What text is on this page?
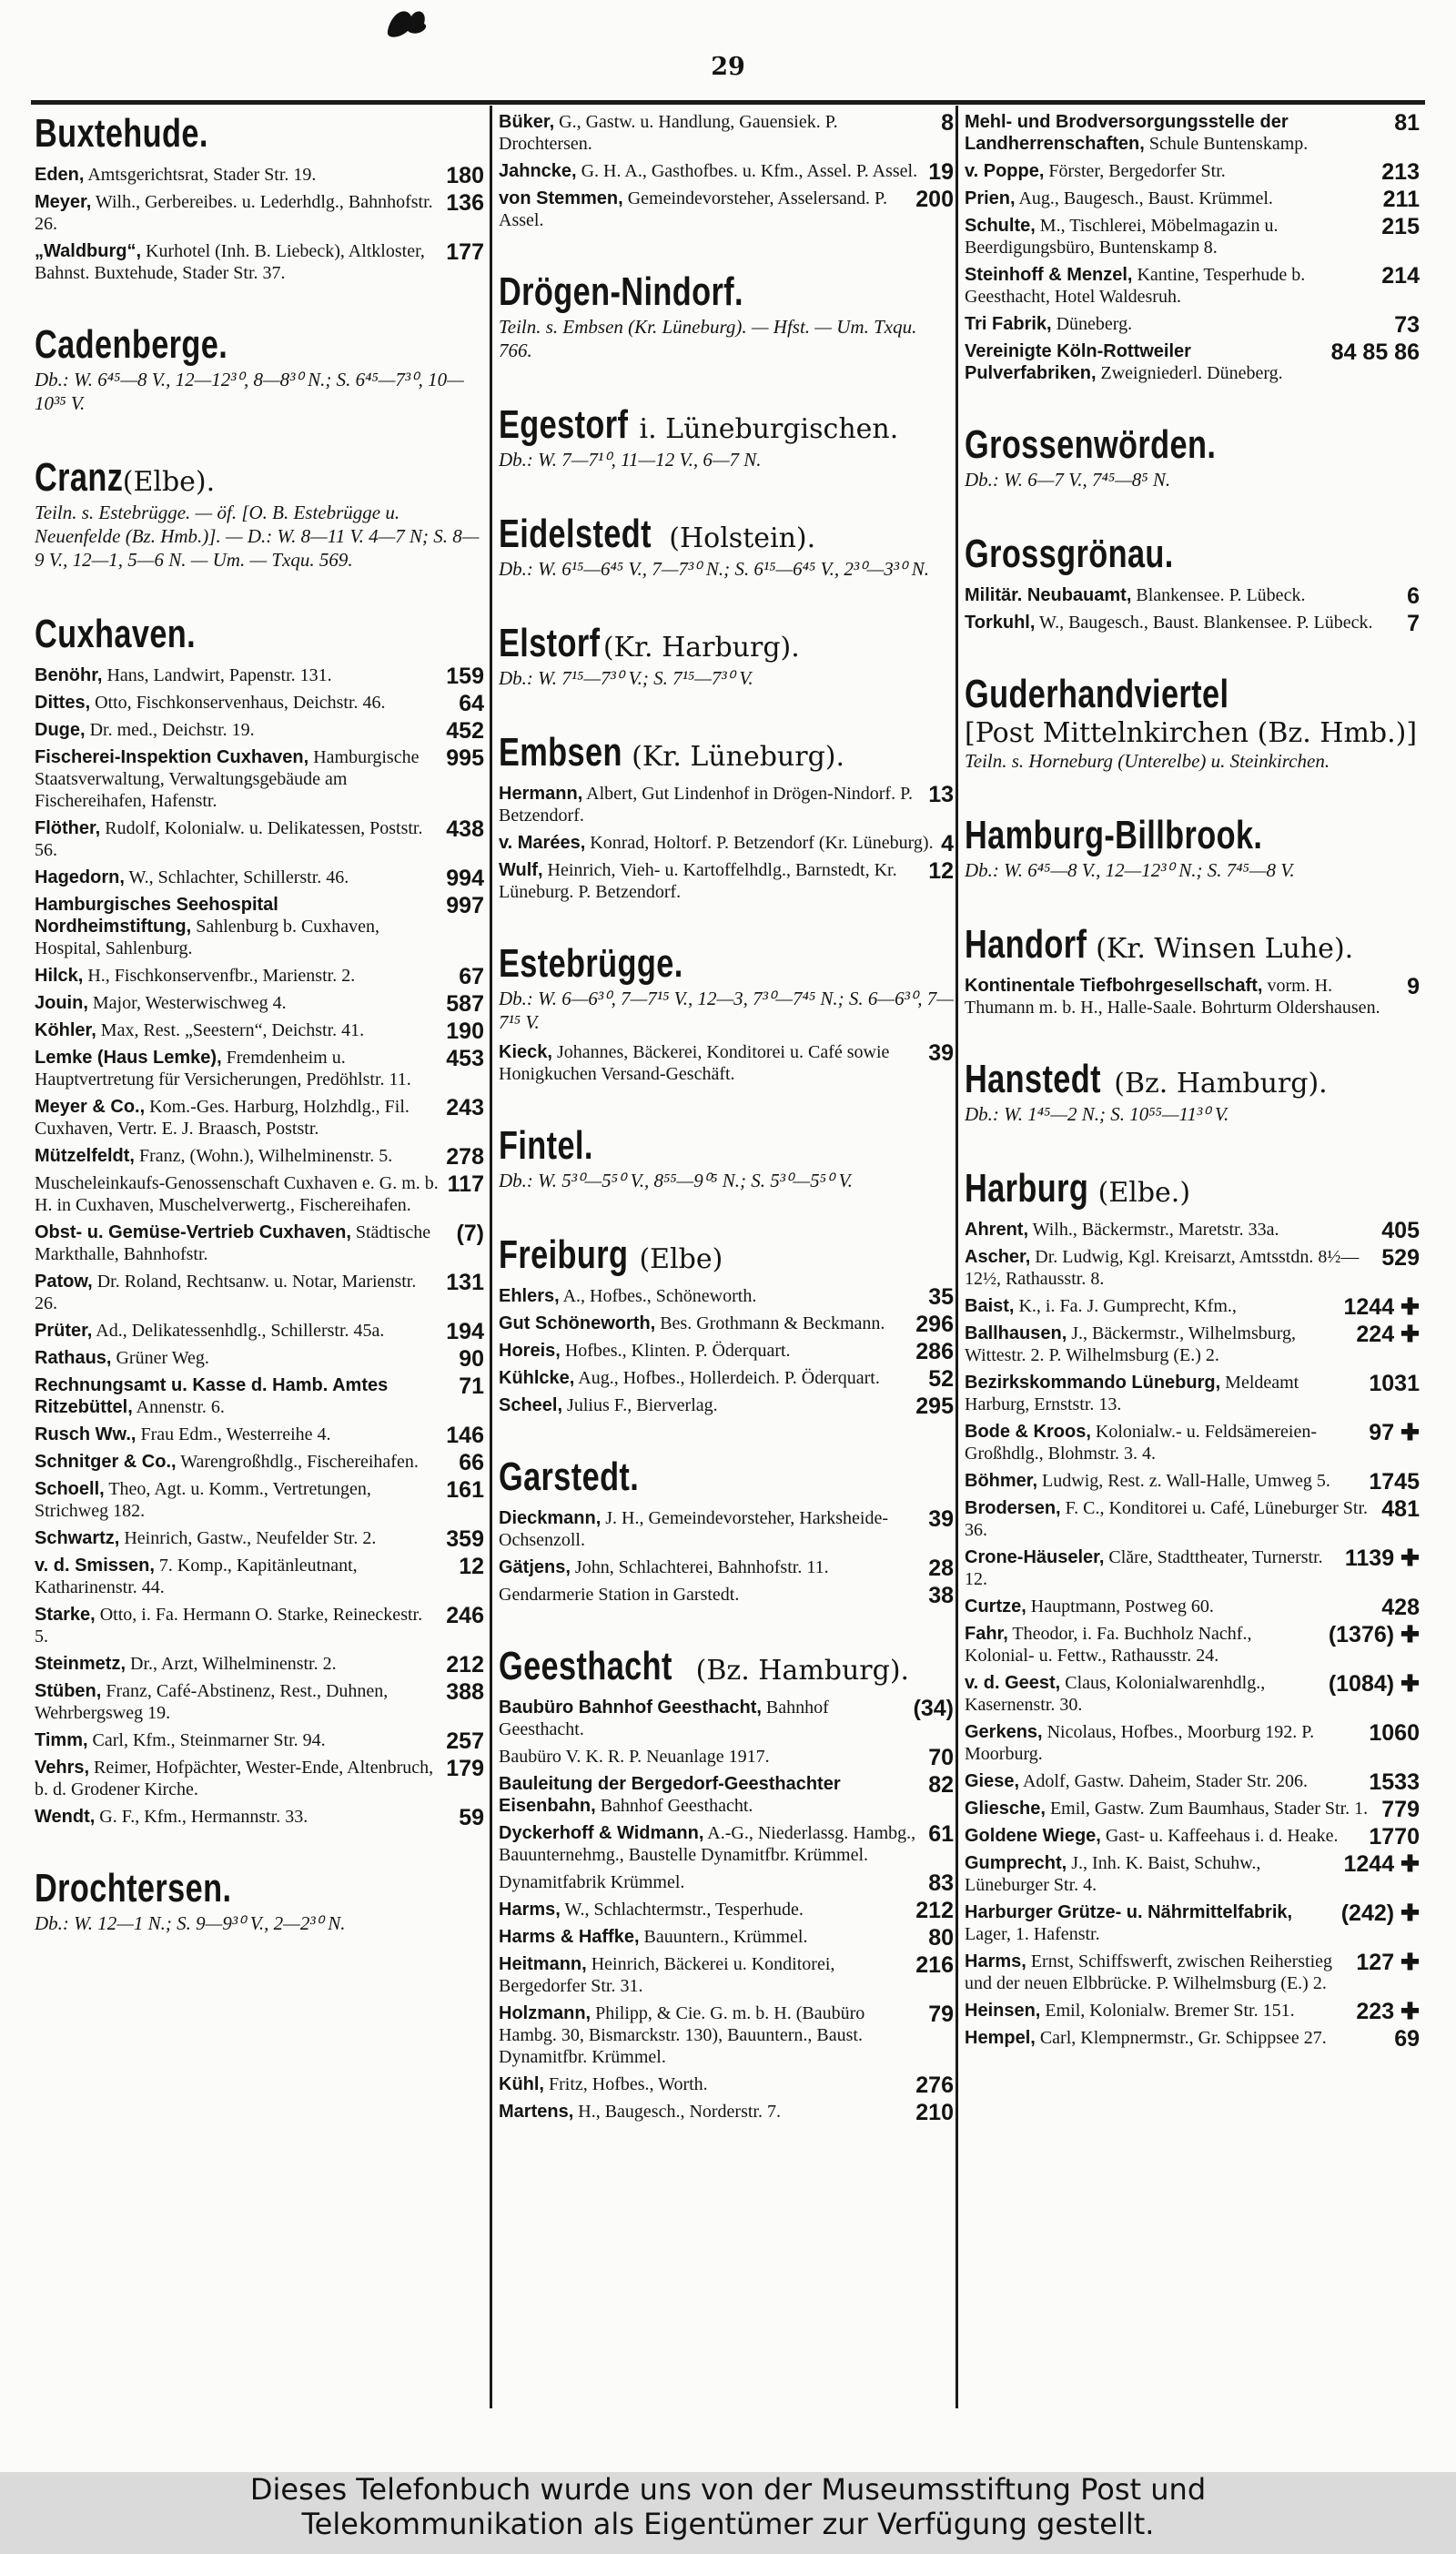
29
Buxtehude.
180
Eden, Amtsgerichtsrat, Stader Str. 19.
136
Meyer, Wilh., Gerbereibes. u. Lederhdlg., Bahnhofstr. 26.
177
„Waldburg“, Kurhotel (Inh. B. Liebeck), Altkloster, Bahnst. Buxtehude, Stader Str. 37.
Cadenberge.
Db.: W. 6⁴⁵—8 V., 12—12³⁰, 8—8³⁰ N.; S. 6⁴⁵—7³⁰, 10—10³⁵ V.
Cranz (Elbe).
Teiln. s. Estebrügge. — öf. [O. B. Estebrügge u. Neuenfelde (Bz. Hmb.)]. — D.: W. 8—11 V. 4—7 N; S. 8—9 V., 12—1, 5—6 N. — Um. — Txqu. 569.
Cuxhaven.
159
Benöhr, Hans, Landwirt, Papenstr. 131.
64
Dittes, Otto, Fischkonservenhaus, Deichstr. 46.
452
Duge, Dr. med., Deichstr. 19.
995
Fischerei-Inspektion Cuxhaven, Hamburgische Staatsverwaltung, Verwaltungsgebäude am Fischereihafen, Hafenstr.
438
Flöther, Rudolf, Kolonialw. u. Delikatessen, Poststr. 56.
994
Hagedorn, W., Schlachter, Schillerstr. 46.
997
Hamburgisches Seehospital Nordheimstiftung, Sahlenburg b. Cuxhaven, Hospital, Sahlenburg.
67
Hilck, H., Fischkonservenfbr., Marienstr. 2.
587
Jouin, Major, Westerwischweg 4.
190
Köhler, Max, Rest. „Seestern“, Deichstr. 41.
453
Lemke (Haus Lemke), Fremdenheim u. Hauptvertretung für Versicherungen, Predöhlstr. 11.
243
Meyer & Co., Kom.-Ges. Harburg, Holzhdlg., Fil. Cuxhaven, Vertr. E. J. Braasch, Poststr.
278
Mützelfeldt, Franz, (Wohn.), Wilhelminenstr. 5.
117
Muscheleinkaufs-Genossenschaft Cuxhaven e. G. m. b. H. in Cuxhaven, Muschelverwertg., Fischereihafen.
(7)
Obst- u. Gemüse-Vertrieb Cuxhaven, Städtische Markthalle, Bahnhofstr.
131
Patow, Dr. Roland, Rechtsanw. u. Notar, Marienstr. 26.
194
Prüter, Ad., Delikatessenhdlg., Schillerstr. 45a.
90
Rathaus, Grüner Weg.
71
Rechnungsamt u. Kasse d. Hamb. Amtes Ritzebüttel, Annenstr. 6.
146
Rusch Ww., Frau Edm., Westerreihe 4.
66
Schnitger & Co., Warengroßhdlg., Fischereihafen.
161
Schoell, Theo, Agt. u. Komm., Vertretungen, Strichweg 182.
359
Schwartz, Heinrich, Gastw., Neufelder Str. 2.
12
v. d. Smissen, 7. Komp., Kapitänleutnant, Katharinenstr. 44.
246
Starke, Otto, i. Fa. Hermann O. Starke, Reineckestr. 5.
212
Steinmetz, Dr., Arzt, Wilhelminenstr. 2.
388
Stüben, Franz, Café-Abstinenz, Rest., Duhnen, Wehrbergsweg 19.
257
Timm, Carl, Kfm., Steinmarner Str. 94.
179
Vehrs, Reimer, Hofpächter, Wester-Ende, Altenbruch, b. d. Grodener Kirche.
59
Wendt, G. F., Kfm., Hermannstr. 33.
Drochtersen.
Db.: W. 12—1 N.; S. 9—9³⁰ V., 2—2³⁰ N.
8
Büker, G., Gastw. u. Handlung, Gauensiek. P. Drochtersen.
19
Jahncke, G. H. A., Gasthofbes. u. Kfm., Assel. P. Assel.
200
von Stemmen, Gemeindevorsteher, Asselersand. P. Assel.
Drögen-Nindorf.
Teiln. s. Embsen (Kr. Lüneburg). — Hfst. — Um. Txqu. 766.
Egestorf i. Lüneburgischen.
Db.: W. 7—7¹⁰, 11—12 V., 6—7 N.
Eidelstedt (Holstein).
Db.: W. 6¹⁵—6⁴⁵ V., 7—7³⁰ N.; S. 6¹⁵—6⁴⁵ V., 2³⁰—3³⁰ N.
Elstorf (Kr. Harburg).
Db.: W. 7¹⁵—7³⁰ V.; S. 7¹⁵—7³⁰ V.
Embsen (Kr. Lüneburg).
13
Hermann, Albert, Gut Lindenhof in Drögen-Nindorf. P. Betzendorf.
4
v. Marées, Konrad, Holtorf. P. Betzendorf (Kr. Lüneburg).
12
Wulf, Heinrich, Vieh- u. Kartoffelhdlg., Barnstedt, Kr. Lüneburg. P. Betzendorf.
Estebrügge.
Db.: W. 6—6³⁰, 7—7¹⁵ V., 12—3, 7³⁰—7⁴⁵ N.; S. 6—6³⁰, 7—7¹⁵ V.
39
Kieck, Johannes, Bäckerei, Konditorei u. Café sowie Honigkuchen Versand-Geschäft.
Fintel.
Db.: W. 5³⁰—5⁵⁰ V., 8⁵⁵—9⁰⁵ N.; S. 5³⁰—5⁵⁰ V.
Freiburg (Elbe)
35
Ehlers, A., Hofbes., Schöneworth.
296
Gut Schöneworth, Bes. Grothmann & Beckmann.
286
Horeis, Hofbes., Klinten. P. Öderquart.
52
Kühlcke, Aug., Hofbes., Hollerdeich. P. Öderquart.
295
Scheel, Julius F., Bierverlag.
Garstedt.
39
Dieckmann, J. H., Gemeindevorsteher, Harksheide-Ochsenzoll.
28
Gätjens, John, Schlachterei, Bahnhofstr. 11.
38
Gendarmerie Station in Garstedt.
Geesthacht (Bz. Hamburg).
(34)
Baubüro Bahnhof Geesthacht, Bahnhof Geesthacht.
70
Baubüro V. K. R. P. Neuanlage 1917.
82
Bauleitung der Bergedorf-Geesthachter Eisenbahn, Bahnhof Geesthacht.
61
Dyckerhoff & Widmann, A.-G., Niederlassg. Hambg., Bauunternehmg., Baustelle Dynamitfbr. Krümmel.
83
Dynamitfabrik Krümmel.
212
Harms, W., Schlachtermstr., Tesperhude.
80
Harms & Haffke, Bauuntern., Krümmel.
216
Heitmann, Heinrich, Bäckerei u. Konditorei, Bergedorfer Str. 31.
79
Holzmann, Philipp, & Cie. G. m. b. H. (Baubüro Hambg. 30, Bismarckstr. 130), Bauuntern., Baust. Dynamitfbr. Krümmel.
276
Kühl, Fritz, Hofbes., Worth.
210
Martens, H., Baugesch., Norderstr. 7.
81
Mehl- und Brodversorgungsstelle der Landherrenschaften, Schule Buntenskamp.
213
v. Poppe, Förster, Bergedorfer Str.
211
Prien, Aug., Baugesch., Baust. Krümmel.
215
Schulte, M., Tischlerei, Möbelmagazin u. Beerdigungsbüro, Buntenskamp 8.
214
Steinhoff & Menzel, Kantine, Tesperhude b. Geesthacht, Hotel Waldesruh.
73
Tri Fabrik, Düneberg.
84 85 86
Vereinigte Köln-Rottweiler Pulverfabriken, Zweigniederl. Düneberg.
Grossenwörden.
Db.: W. 6—7 V., 7⁴⁵—8⁵ N.
Grossgrönau.
6
Militär. Neubauamt, Blankensee. P. Lübeck.
7
Torkuhl, W., Baugesch., Baust. Blankensee. P. Lübeck.
Guderhandviertel
[Post Mittelnkirchen (Bz. Hmb.)]
Teiln. s. Horneburg (Unterelbe) u. Steinkirchen.
Hamburg-Billbrook.
Db.: W. 6⁴⁵—8 V., 12—12³⁰ N.; S. 7⁴⁵—8 V.
Handorf (Kr. Winsen Luhe).
9
Kontinentale Tiefbohrgesellschaft, vorm. H. Thumann m. b. H., Halle-Saale. Bohrturm Oldershausen.
Hanstedt (Bz. Hamburg).
Db.: W. 1⁴⁵—2 N.; S. 10⁵⁵—11³⁰ V.
Harburg (Elbe.)
405
Ahrent, Wilh., Bäckermstr., Maretstr. 33a.
529
Ascher, Dr. Ludwig, Kgl. Kreisarzt, Amtsstdn. 8½—12½, Rathausstr. 8.
1244 ✚
Baist, K., i. Fa. J. Gumprecht, Kfm.,
224 ✚
Ballhausen, J., Bäckermstr., Wilhelmsburg, Wittestr. 2. P. Wilhelmsburg (E.) 2.
1031
Bezirkskommando Lüneburg, Meldeamt Harburg, Ernststr. 13.
97 ✚
Bode & Kroos, Kolonialw.- u. Feldsämereien-Großhdlg., Blohmstr. 3. 4.
1745
Böhmer, Ludwig, Rest. z. Wall-Halle, Umweg 5.
481
Brodersen, F. C., Konditorei u. Café, Lüneburger Str. 36.
1139 ✚
Crone-Häuseler, Clăre, Stadttheater, Turnerstr. 12.
428
Curtze, Hauptmann, Postweg 60.
(1376) ✚
Fahr, Theodor, i. Fa. Buchholz Nachf., Kolonial- u. Fettw., Rathausstr. 24.
(1084) ✚
v. d. Geest, Claus, Kolonialwarenhdlg., Kasernenstr. 30.
1060
Gerkens, Nicolaus, Hofbes., Moorburg 192. P. Moorburg.
1533
Giese, Adolf, Gastw. Daheim, Stader Str. 206.
779
Gliesche, Emil, Gastw. Zum Baumhaus, Stader Str. 1.
1770
Goldene Wiege, Gast- u. Kaffeehaus i. d. Heake.
1244 ✚
Gumprecht, J., Inh. K. Baist, Schuhw., Lüneburger Str. 4.
(242) ✚
Harburger Grütze- u. Nährmittelfabrik, Lager, 1. Hafenstr.
127 ✚
Harms, Ernst, Schiffswerft, zwischen Reiherstieg und der neuen Elbbrücke. P. Wilhelmsburg (E.) 2.
223 ✚
Heinsen, Emil, Kolonialw. Bremer Str. 151.
69
Hempel, Carl, Klempnermstr., Gr. Schippsee 27.
Dieses Telefonbuch wurde uns von der Museumsstiftung Post und
Telekommunikation als Eigentümer zur Verfügung gestellt.
